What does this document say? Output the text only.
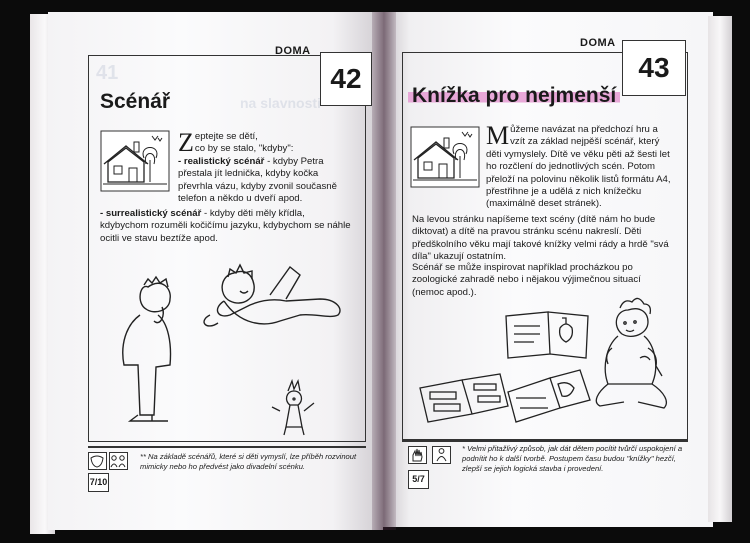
DOMA
42
41
na slavnosti
Scénář
Z eptejte se dětí,
co by se stalo, "kdyby":
- realistický scénář - kdyby Petra přestala jít lednička, kdyby kočka převrhla vázu, kdyby zvonil současně telefon a někdo u dveří apod.
- surrealistický scénář - kdyby děti měly křídla, kdybychom rozuměli kočičímu jazyku, kdybychom se náhle ocitli ve stavu beztíže apod.
** Na základě scénářů, které si děti vymyslí, lze příběh rozvinout mimicky nebo ho předvést jako divadelní scénku.
7/10
DOMA
43
Knížka pro nejmenší
Můžeme navázat na předchozí hru a vzít za základ nejpěší scénář, který děti vymyslely. Dítě ve věku pěti až šesti let ho rozčlení do jednotlivých scén. Potom přeloží na polovinu několik listů formátu A4, přestřihne je a udělá z nich knížečku (maximálně deset stránek).
Na levou stránku napíšeme text scény (dítě nám ho bude diktovat) a dítě na pravou stránku scénu nakreslí. Děti předškolního věku mají takové knížky velmi rády a hrdě "svá díla" ukazují ostatním.
Scénář se může inspirovat například procházkou po zoologické zahradě nebo i nějakou výjimečnou situací (nemoc apod.).
* Velmi přitažlivý způsob, jak dát dětem pocítit tvůrčí uspokojení a podnítit ho k další tvorbě. Postupem času budou "knížky" hezčí, zlepší se jejich logická stavba i provedení.
5/7
